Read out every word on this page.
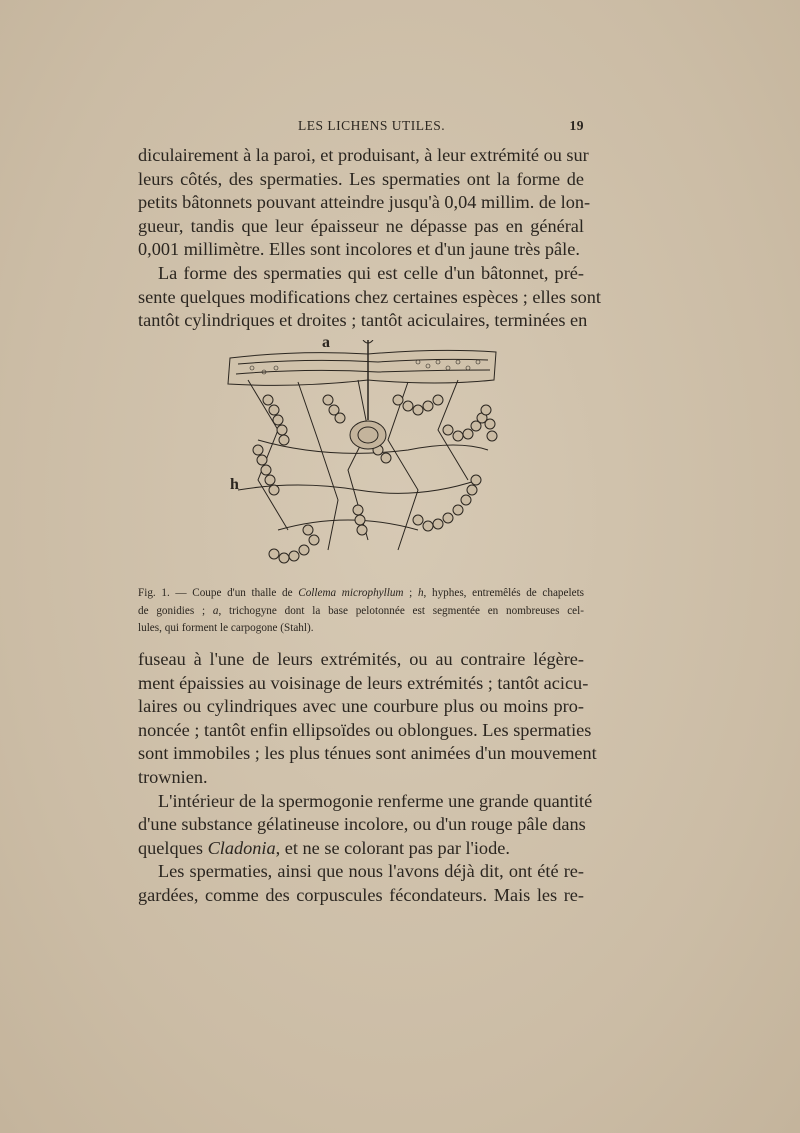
LES LICHENS UTILES.	19
diculairement à la paroi, et produisant, à leur extrémité ou sur
leurs côtés, des spermaties. Les spermaties ont la forme de
petits bâtonnets pouvant atteindre jusqu'à 0,04 millim. de lon-
gueur, tandis que leur épaisseur ne dépasse pas en général
0,001 millimètre. Elles sont incolores et d'un jaune très pâle.
La forme des spermaties qui est celle d'un bâtonnet, pré-
sente quelques modifications chez certaines espèces ; elles sont
tantôt cylindriques et droites ; tantôt aciculaires, terminées en
a
h
Fig. 1. — Coupe d'un thalle de Collema microphyllum ; h, hyphes, entremêlés de chapelets
de gonidies ; a, trichogyne dont la base pelotonnée est segmentée en nombreuses cel-
lules, qui forment le carpogone (Stahl).
fuseau à l'une de leurs extrémités, ou au contraire légère-
ment épaissies au voisinage de leurs extrémités ; tantôt acicu-
laires ou cylindriques avec une courbure plus ou moins pro-
noncée ; tantôt enfin ellipsoïdes ou oblongues. Les spermaties
sont immobiles ; les plus ténues sont animées d'un mouvement
trownien.
L'intérieur de la spermogonie renferme une grande quantité
d'une substance gélatineuse incolore, ou d'un rouge pâle dans
quelques Cladonia, et ne se colorant pas par l'iode.
Les spermaties, ainsi que nous l'avons déjà dit, ont été re-
gardées, comme des corpuscules fécondateurs. Mais les re-
